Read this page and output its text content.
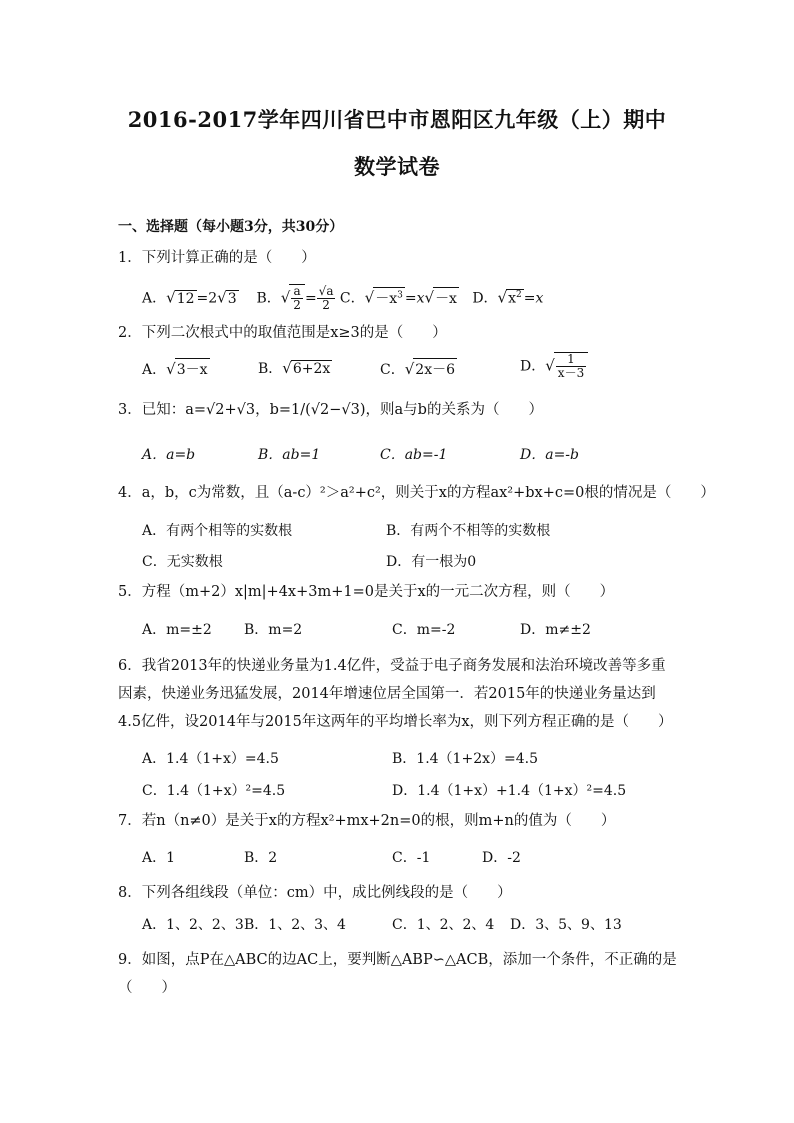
2016-2017学年四川省巴中市恩阳区九年级（上）期中
数学试卷
一、选择题（每小题3分，共30分）
1．下列计算正确的是（　　）
A．√12 =2√3    B．√ $\frac{a}{2} = \frac{√a}{2}$ C．$√-x^3 =x√-x$   D．$√x^2 =x$
2．下列二次根式中的取值范围是x≥3的是（　　）
A．√3－x	B．√6+2x	C．√2x－6	D．√ $\frac{1}{x-3}$
3．已知：a=√2+√3，b=1/(√2−√3)，则a与b的关系为（　　）
A．a=b	B．ab=1	C．ab=-1	D．a=-b
4．a，b，c为常数，且（a-c）²＞a²+c²，则关于x的方程ax²+bx+c=0根的情况是（　　）
A．有两个相等的实数根	B．有两个不相等的实数根
C．无实数根	D．有一根为0
5．方程（m+2）x|m|+4x+3m+1=0是关于x的一元二次方程，则（　　）
A．m=±2 B．m=2	C．m=-2	D．m≠±2
6．我省2013年的快递业务量为1.4亿件，受益于电子商务发展和法治环境改善等多重因素，快递业务迅猛发展，2014年增速位居全国第一．若2015年的快递业务量达到4.5亿件，设2014年与2015年这两年的平均增长率为x，则下列方程正确的是（　　）
A．1.4（1+x）=4.5	B．1.4（1+2x）=4.5
C．1.4（1+x）²=4.5	D．1.4（1+x）+1.4（1+x）²=4.5
7．若n（n≠0）是关于x的方程x²+mx+2n=0的根，则m+n的值为（　　）
A．1	B．2	C．-1	D．-2
8．下列各组线段（单位：cm）中，成比例线段的是（　　）
A．1、2、2、3 B．1、2、3、4	C．1、2、2、4 D．3、5、9、13
9．如图，点P在△ABC的边AC上，要判断△ABP∽△ACB，添加一个条件，不正确的是（　　）
